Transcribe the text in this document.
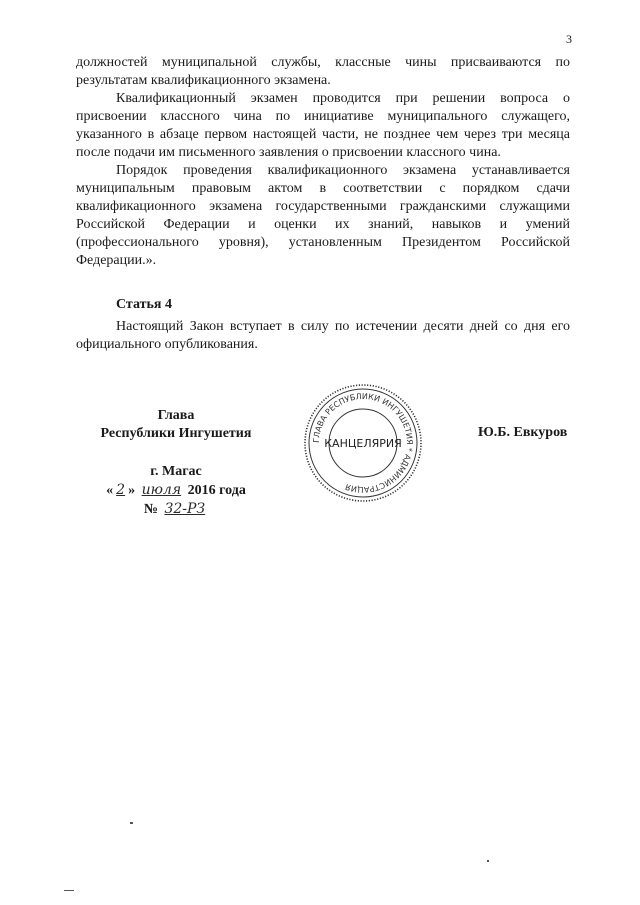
3

должностей муниципальной службы, классные чины присваиваются по результатам квалификационного экзамена.

Квалификационный экзамен проводится при решении вопроса о присвоении классного чина по инициативе муниципального служащего, указанного в абзаце первом настоящей части, не позднее чем через три месяца после подачи им письменного заявления о присвоении классного чина.

Порядок проведения квалификационного экзамена устанавливается муниципальным правовым актом в соответствии с порядком сдачи квалификационного экзамена государственными гражданскими служащими Российской Федерации и оценки их знаний, навыков и умений (профессионального уровня), установленным Президентом Российской Федерации.».

Статья 4
Настоящий Закон вступает в силу по истечении десяти дней со дня его официального опубликования.
Глава
Республики Ингушетия	Ю.Б. Евкуров
ГЛАВА РЕСПУБЛИКИ ИНГУШЕТИЯ * АДМИНИСТРАЦИЯ
КАНЦЕЛЯРИЯ
г. Магас
« 2 » июля 2016 года
№ 32-РЗ
